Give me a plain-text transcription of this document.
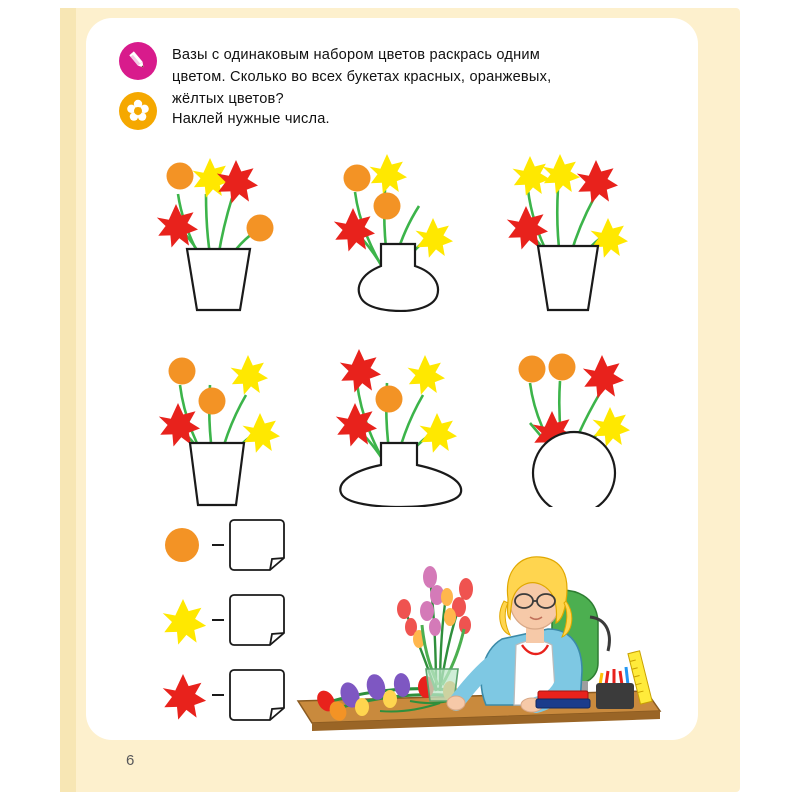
Вазы с одинаковым набором цветов раскрась одним
цветом. Сколько во всех букетах красных, оранжевых,
жёлтых цветов?
Наклей нужные числа.
6
